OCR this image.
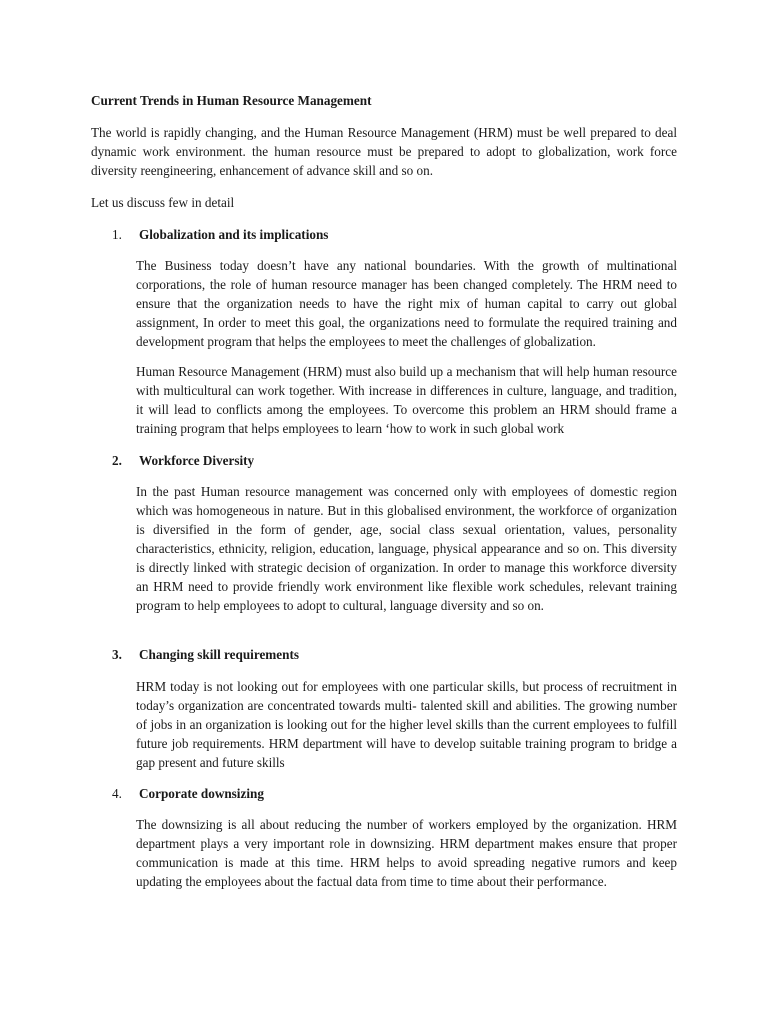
Current Trends in Human Resource Management

The world is rapidly changing, and the Human Resource Management (HRM) must be well prepared to deal dynamic work environment. the human resource must be prepared to adopt to globalization, work force diversity reengineering, enhancement of advance skill and so on.

Let us discuss few in detail

1. Globalization and its implications

The Business today doesn’t have any national boundaries. With the growth of multinational corporations, the role of human resource manager has been changed completely. The HRM need to ensure that the organization needs to have the right mix of human capital to carry out global assignment, In order to meet this goal, the organizations need to formulate the required training and development program that helps the employees to meet the challenges of globalization.

Human Resource Management (HRM) must also build up a mechanism that will help human resource with multicultural can work together. With increase in differences in culture, language, and tradition, it will lead to conflicts among the employees. To overcome this problem an HRM should frame a training program that helps employees to learn ‘how to work in such global work

2. Workforce Diversity

In the past Human resource management was concerned only with employees of domestic region which was homogeneous in nature. But in this globalised environment, the workforce of organization is diversified in the form of gender, age, social class sexual orientation, values, personality characteristics, ethnicity, religion, education, language, physical appearance and so on. This diversity is directly linked with strategic decision of organization. In order to manage this workforce diversity an HRM need to provide friendly work environment like flexible work schedules, relevant training program to help employees to adopt to cultural, language diversity and so on.

3. Changing skill requirements

HRM today is not looking out for employees with one particular skills, but process of recruitment in today’s organization are concentrated towards multi- talented skill and abilities. The growing number of jobs in an organization is looking out for the higher level skills than the current employees to fulfill future job requirements. HRM department will have to develop suitable training program to bridge a gap present and future skills

4. Corporate downsizing

The downsizing is all about reducing the number of workers employed by the organization. HRM department plays a very important role in downsizing. HRM department makes ensure that proper communication is made at this time. HRM helps to avoid spreading negative rumors and keep updating the employees about the factual data from time to time about their performance.
